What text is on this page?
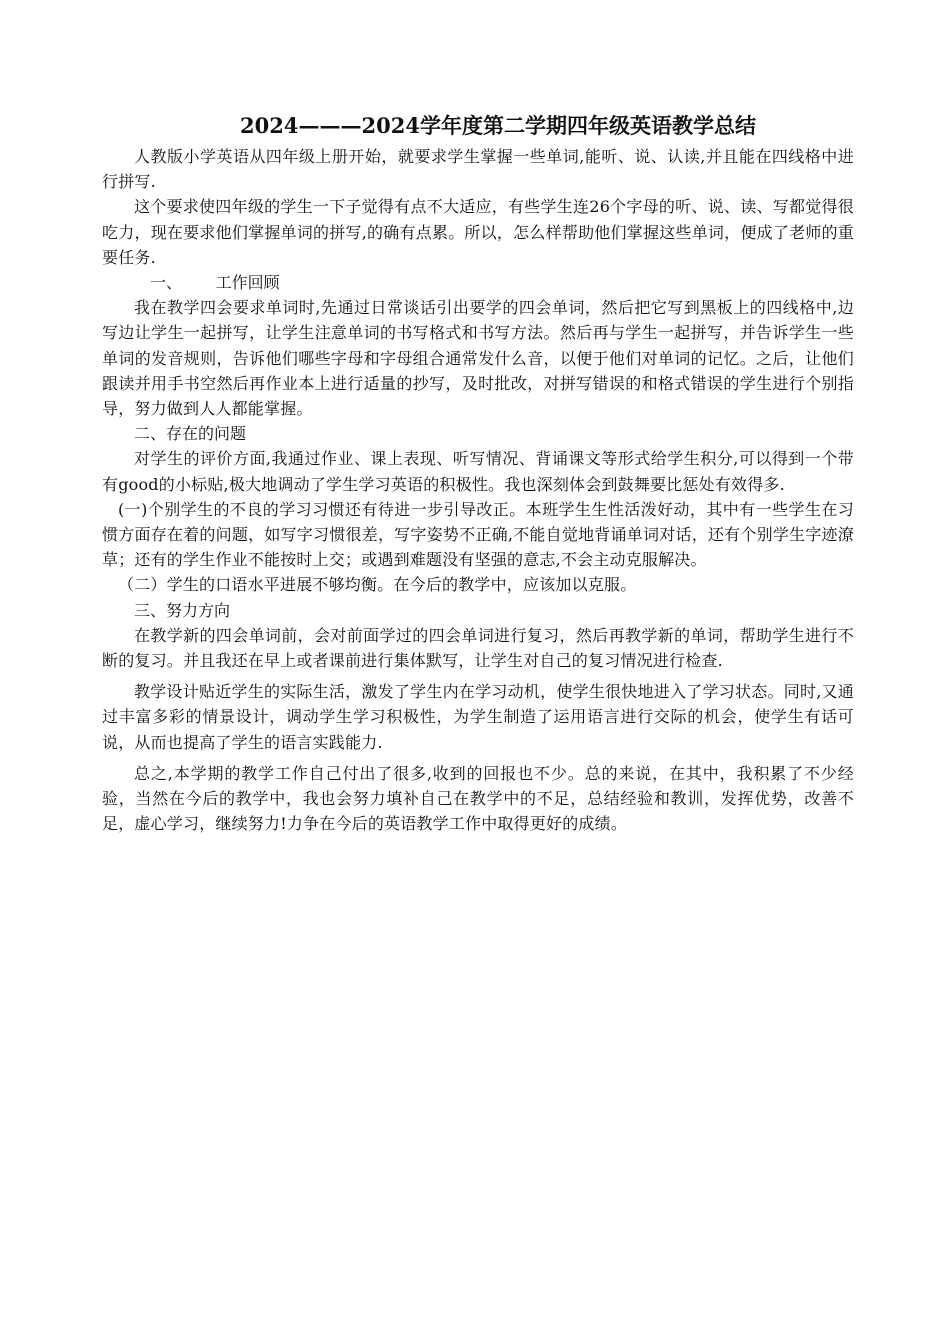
2024———2024学年度第二学期四年级英语教学总结

人教版小学英语从四年级上册开始，就要求学生掌握一些单词,能听、说、认读,并且能在四线格中进行拼写.

这个要求使四年级的学生一下子觉得有点不大适应，有些学生连26个字母的听、说、读、写都觉得很吃力，现在要求他们掌握单词的拼写,的确有点累。所以，怎么样帮助他们掌握这些单词，便成了老师的重要任务.

一、 工作回顾

我在教学四会要求单词时,先通过日常谈话引出要学的四会单词，然后把它写到黑板上的四线格中,边写边让学生一起拼写，让学生注意单词的书写格式和书写方法。然后再与学生一起拼写，并告诉学生一些单词的发音规则，告诉他们哪些字母和字母组合通常发什么音，以便于他们对单词的记忆。之后，让他们跟读并用手书空然后再作业本上进行适量的抄写，及时批改，对拼写错误的和格式错误的学生进行个别指导，努力做到人人都能掌握。

二、存在的问题

对学生的评价方面,我通过作业、课上表现、听写情况、背诵课文等形式给学生积分,可以得到一个带有good的小标贴,极大地调动了学生学习英语的积极性。我也深刻体会到鼓舞要比惩处有效得多.

(一)个别学生的不良的学习习惯还有待进一步引导改正。本班学生生性活泼好动，其中有一些学生在习惯方面存在着的问题，如写字习惯很差，写字姿势不正确,不能自觉地背诵单词对话，还有个别学生字迹潦草；还有的学生作业不能按时上交；或遇到难题没有坚强的意志,不会主动克服解决。

（二）学生的口语水平进展不够均衡。在今后的教学中，应该加以克服。

三、努力方向

在教学新的四会单词前，会对前面学过的四会单词进行复习，然后再教学新的单词，帮助学生进行不断的复习。并且我还在早上或者课前进行集体默写，让学生对自己的复习情况进行检查.

教学设计贴近学生的实际生活，激发了学生内在学习动机，使学生很快地进入了学习状态。同时,又通过丰富多彩的情景设计，调动学生学习积极性，为学生制造了运用语言进行交际的机会，使学生有话可说，从而也提高了学生的语言实践能力.

总之,本学期的教学工作自己付出了很多,收到的回报也不少。总的来说，在其中，我积累了不少经验，当然在今后的教学中，我也会努力填补自己在教学中的不足，总结经验和教训，发挥优势，改善不足，虚心学习，继续努力!力争在今后的英语教学工作中取得更好的成绩。
